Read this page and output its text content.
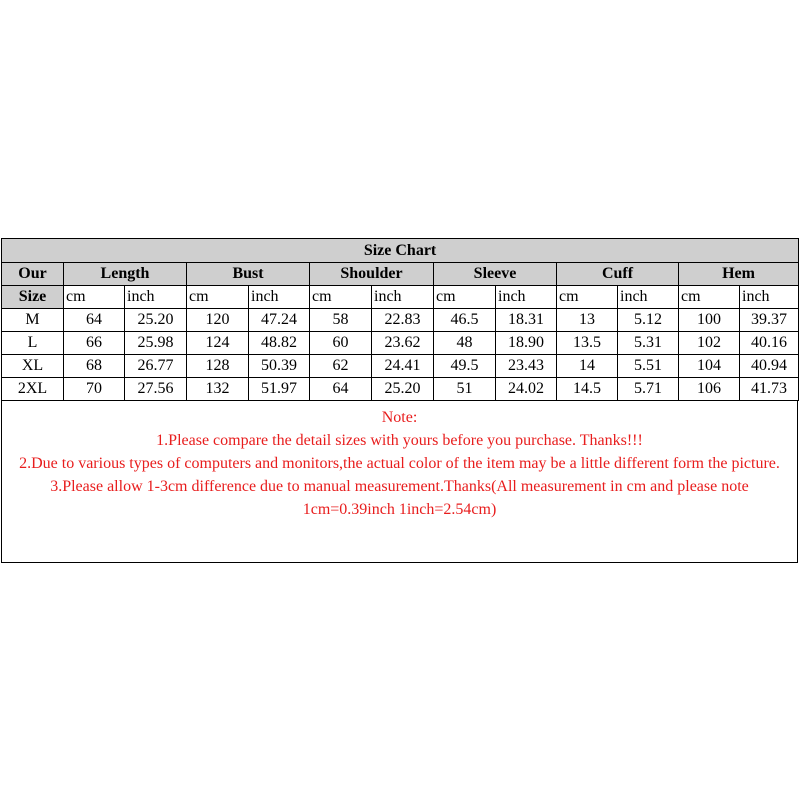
Size Chart												
Our	Length		Bust		Shoulder		Sleeve		Cuff		Hem	
Size	cm	inch	cm	inch	cm	inch	cm	inch	cm	inch	cm	inch
M	64	25.20	120	47.24	58	22.83	46.5	18.31	13	5.12	100	39.37
L	66	25.98	124	48.82	60	23.62	48	18.90	13.5	5.31	102	40.16
XL	68	26.77	128	50.39	62	24.41	49.5	23.43	14	5.51	104	40.94
2XL	70	27.56	132	51.97	64	25.20	51	24.02	14.5	5.71	106	41.73
Note:
1.Please compare the detail sizes with yours before you purchase. Thanks!!!
2.Due to various types of computers and monitors,the actual color of the item may be a little different form the picture.
3.Please allow 1-3cm difference due to manual measurement.Thanks(All measurement in cm and please note 1cm=0.39inch 1inch=2.54cm)
